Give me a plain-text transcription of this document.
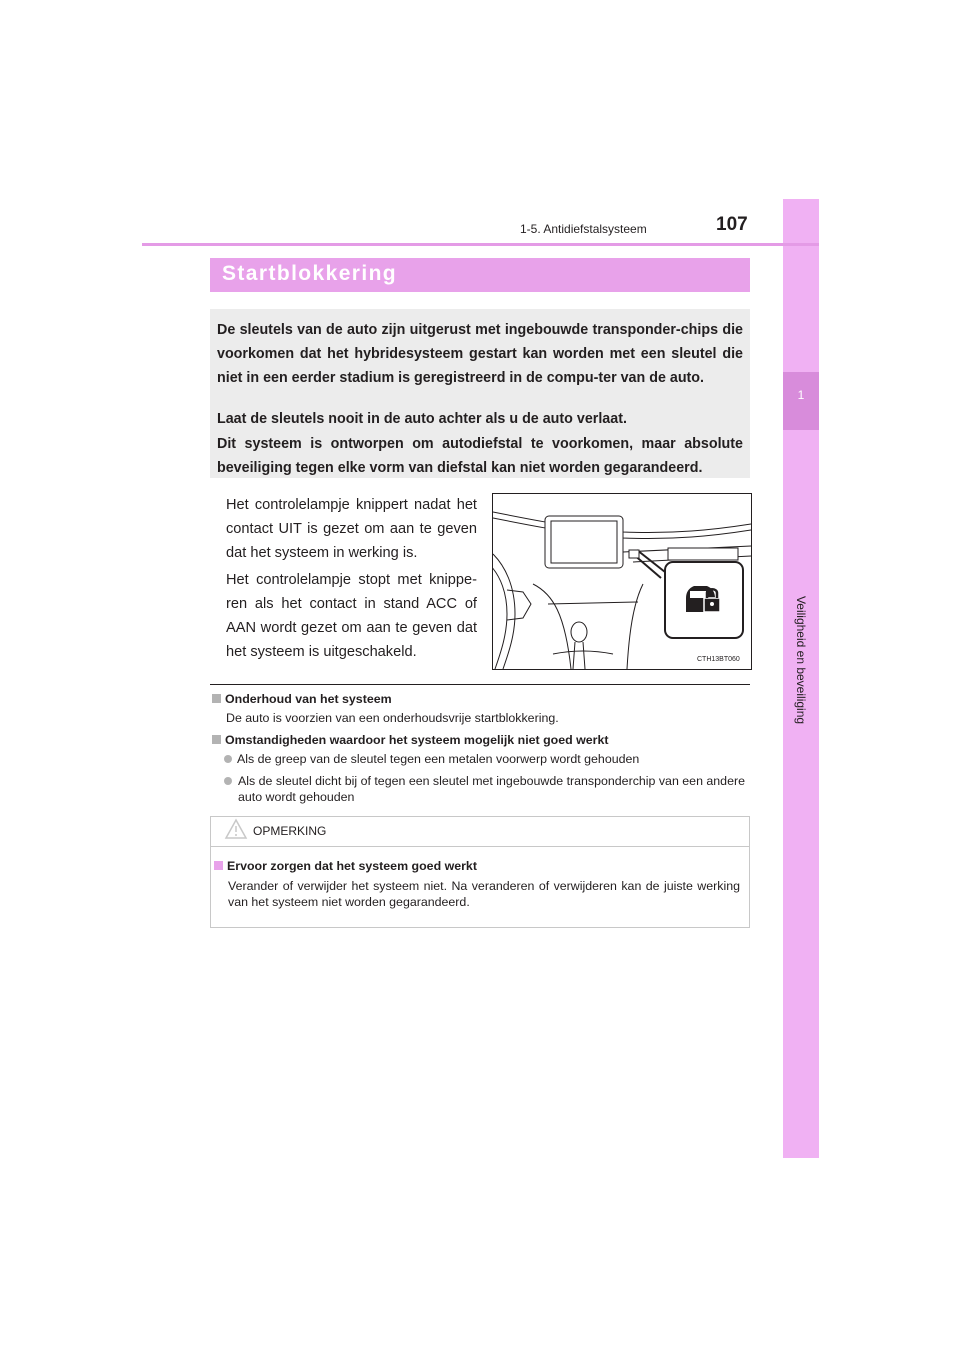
1
Veiligheid en beveiliging
1-5. Antidiefstalsysteem	107
Startblokkering

De sleutels van de auto zijn uitgerust met ingebouwde transponder-chips die voorkomen dat het hybridesysteem gestart kan worden met een sleutel die niet in een eerder stadium is geregistreerd in de compu-ter van de auto.

Laat de sleutels nooit in de auto achter als u de auto verlaat.

Dit systeem is ontworpen om autodiefstal te voorkomen, maar absolute beveiliging tegen elke vorm van diefstal kan niet worden gegarandeerd.

Het controlelampje knippert nadat het contact UIT is gezet om aan te geven dat het systeem in werking is.

Het controlelampje stopt met knippe-ren als het contact in stand ACC of AAN wordt gezet om aan te geven dat het systeem is uitgeschakeld.	CTH13BT060
Onderhoud van het systeem
De auto is voorzien van een onderhoudsvrije startblokkering.
Omstandigheden waardoor het systeem mogelijk niet goed werkt
Als de greep van de sleutel tegen een metalen voorwerp wordt gehouden
Als de sleutel dicht bij of tegen een sleutel met ingebouwde transponderchip van een andere auto wordt gehouden
OPMERKING
Ervoor zorgen dat het systeem goed werkt
Verander of verwijder het systeem niet. Na veranderen of verwijderen kan de juiste werking van het systeem niet worden gegarandeerd.
